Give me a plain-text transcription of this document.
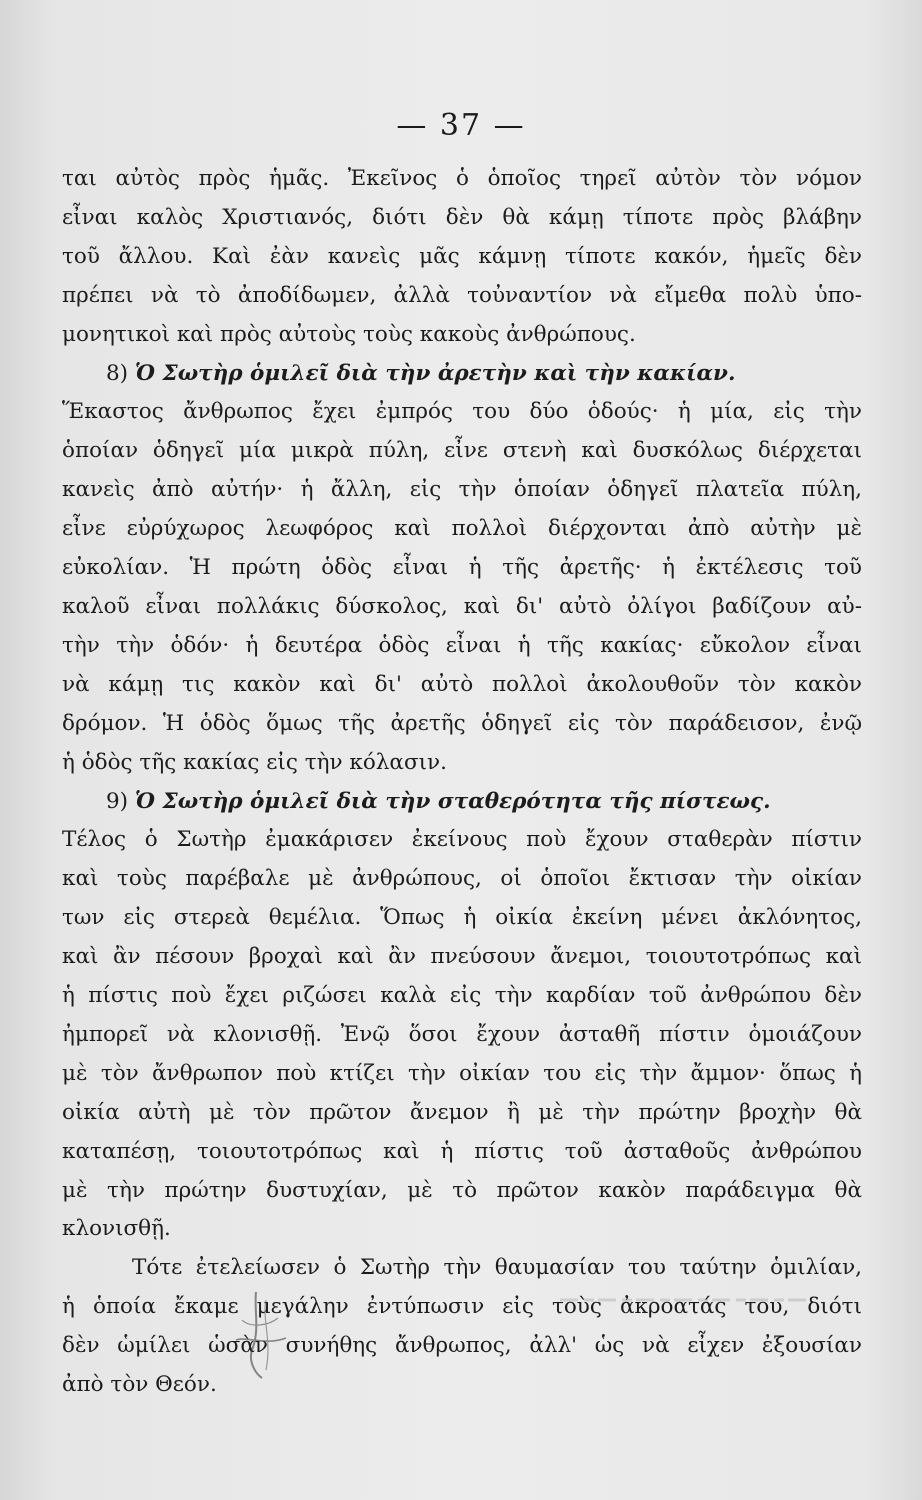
— 37 —
ται αὐτὸς πρὸς ἡμᾶς. Ἐκεῖνος ὁ ὁποῖος τηρεῖ αὐτὸν τὸν νόμον
εἶναι καλὸς Χριστιανός, διότι δὲν θὰ κάμῃ τίποτε πρὸς βλάβην
τοῦ ἄλλου. Καὶ ἐὰν κανεὶς μᾶς κάμνῃ τίποτε κακόν, ἡμεῖς δὲν
πρέπει νὰ τὸ ἀποδίδωμεν, ἀλλὰ τοὐναντίον νὰ εἴμεθα πολὺ ὑπο-
μονητικοὶ καὶ πρὸς αὐτοὺς τοὺς κακοὺς ἀνθρώπους.
8) Ὁ Σωτὴρ ὁμιλεῖ διὰ τὴν ἀρετὴν καὶ τὴν κακίαν.
Ἕκαστος ἄνθρωπος ἔχει ἐμπρός του δύο ὁδούς· ἡ μία, εἰς τὴν
ὁποίαν ὁδηγεῖ μία μικρὰ πύλη, εἶνε στενὴ καὶ δυσκόλως διέρχεται
κανεὶς ἀπὸ αὐτήν· ἡ ἄλλη, εἰς τὴν ὁποίαν ὁδηγεῖ πλατεῖα πύλη,
εἶνε εὐρύχωρος λεωφόρος καὶ πολλοὶ διέρχονται ἀπὸ αὐτὴν μὲ
εὐκολίαν. Ἡ πρώτη ὁδὸς εἶναι ἡ τῆς ἀρετῆς· ἡ ἐκτέλεσις τοῦ
καλοῦ εἶναι πολλάκις δύσκολος, καὶ δι' αὐτὸ ὀλίγοι βαδίζουν αὐ-
τὴν τὴν ὁδόν· ἡ δευτέρα ὁδὸς εἶναι ἡ τῆς κακίας· εὔκολον εἶναι
νὰ κάμῃ τις κακὸν καὶ δι' αὐτὸ πολλοὶ ἀκολουθοῦν τὸν κακὸν
δρόμον. Ἡ ὁδὸς ὅμως τῆς ἀρετῆς ὁδηγεῖ εἰς τὸν παράδεισον, ἐνῷ
ἡ ὁδὸς τῆς κακίας εἰς τὴν κόλασιν.
9) Ὁ Σωτὴρ ὁμιλεῖ διὰ τὴν σταθερότητα τῆς πίστεως.
Τέλος ὁ Σωτὴρ ἐμακάρισεν ἐκείνους ποὺ ἔχουν σταθερὰν πίστιν
καὶ τοὺς παρέβαλε μὲ ἀνθρώπους, οἱ ὁποῖοι ἔκτισαν τὴν οἰκίαν
των εἰς στερεὰ θεμέλια. Ὅπως ἡ οἰκία ἐκείνη μένει ἀκλόνητος,
καὶ ἂν πέσουν βροχαὶ καὶ ἂν πνεύσουν ἄνεμοι, τοιουτοτρόπως καὶ
ἡ πίστις ποὺ ἔχει ριζώσει καλὰ εἰς τὴν καρδίαν τοῦ ἀνθρώπου δὲν
ἠμπορεῖ νὰ κλονισθῇ. Ἐνῷ ὅσοι ἔχουν ἀσταθῆ πίστιν ὁμοιάζουν
μὲ τὸν ἄνθρωπον ποὺ κτίζει τὴν οἰκίαν του εἰς τὴν ἄμμον· ὅπως ἡ
οἰκία αὐτὴ μὲ τὸν πρῶτον ἄνεμον ἢ μὲ τὴν πρώτην βροχὴν θὰ
καταπέσῃ, τοιουτοτρόπως καὶ ἡ πίστις τοῦ ἀσταθοῦς ἀνθρώπου
μὲ τὴν πρώτην δυστυχίαν, μὲ τὸ πρῶτον κακὸν παράδειγμα θὰ
κλονισθῇ.
Τότε ἐτελείωσεν ὁ Σωτὴρ τὴν θαυμασίαν του ταύτην ὁμιλίαν,
ἡ ὁποία ἔκαμε μεγάλην ἐντύπωσιν εἰς τοὺς ἀκροατάς του, διότι
δὲν ὡμίλει ὡσὰν συνήθης ἄνθρωπος, ἀλλ' ὡς νὰ εἶχεν ἐξουσίαν
ἀπὸ τὸν Θεόν.
